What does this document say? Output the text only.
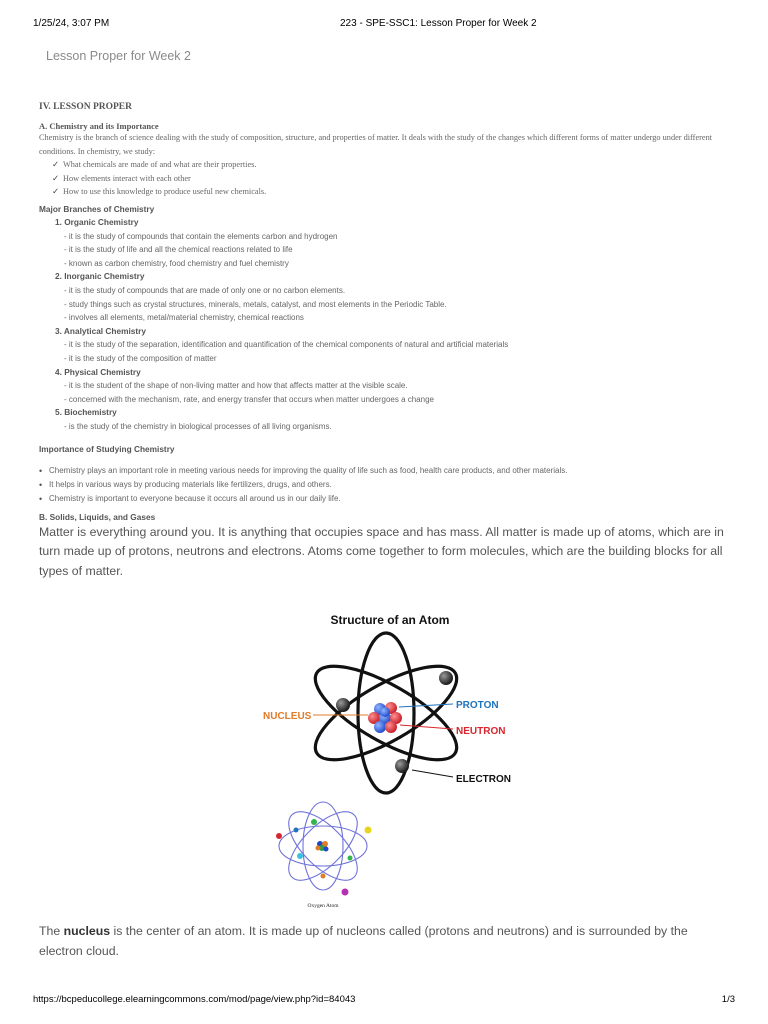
1/25/24, 3:07 PM	223 - SPE-SSC1: Lesson Proper for Week 2
Lesson Proper for Week 2
IV. LESSON PROPER
A. Chemistry and its Importance

Chemistry is the branch of science dealing with the study of composition, structure, and properties of matter. It deals with the study of the changes which different forms of matter undergo under different conditions. In chemistry, we study:

✓ What chemicals are made of and what are their properties.
✓ How elements interact with each other
✓ How to use this knowledge to produce useful new chemicals.
Major Branches of Chemistry
1. Organic Chemistry
- it is the study of compounds that contain the elements carbon and hydrogen
- it is the study of life and all the chemical reactions related to life
- known as carbon chemistry, food chemistry and fuel chemistry
2. Inorganic Chemistry
- it is the study of compounds that are made of only one or no carbon elements.
- study things such as crystal structures, minerals, metals, catalyst, and most elements in the Periodic Table.
- involves all elements, metal/material chemistry, chemical reactions
3. Analytical Chemistry
- it is the study of the separation, identification and quantification of the chemical components of natural and artificial materials
- it is the study of the composition of matter
4. Physical Chemistry
- it is the student of the shape of non-living matter and how that affects matter at the visible scale.
- concerned with the mechanism, rate, and energy transfer that occurs when matter undergoes a change
5. Biochemistry
- is the study of the chemistry in biological processes of all living organisms.
Importance of Studying Chemistry
• Chemistry plays an important role in meeting various needs for improving the quality of life such as food, health care products, and other materials.
• It helps in various ways by producing materials like fertilizers, drugs, and others.
• Chemistry is important to everyone because it occurs all around us in our daily life.
B. Solids, Liquids, and Gases

Matter is everything around you. It is anything that occupies space and has mass. All matter is made up of atoms, which are in turn made up of protons, neutrons and electrons. Atoms come together to form molecules, which are the building blocks for all types of matter.

Structure of an Atom
NUCLEUS
PROTON
NEUTRON
ELECTRON
Oxygen Atom

The nucleus is the center of an atom. It is made up of nucleons called (protons and neutrons) and is surrounded by the electron cloud.

https://bcpeducollege.elearningcommons.com/mod/page/view.php?id=84043	1/3
